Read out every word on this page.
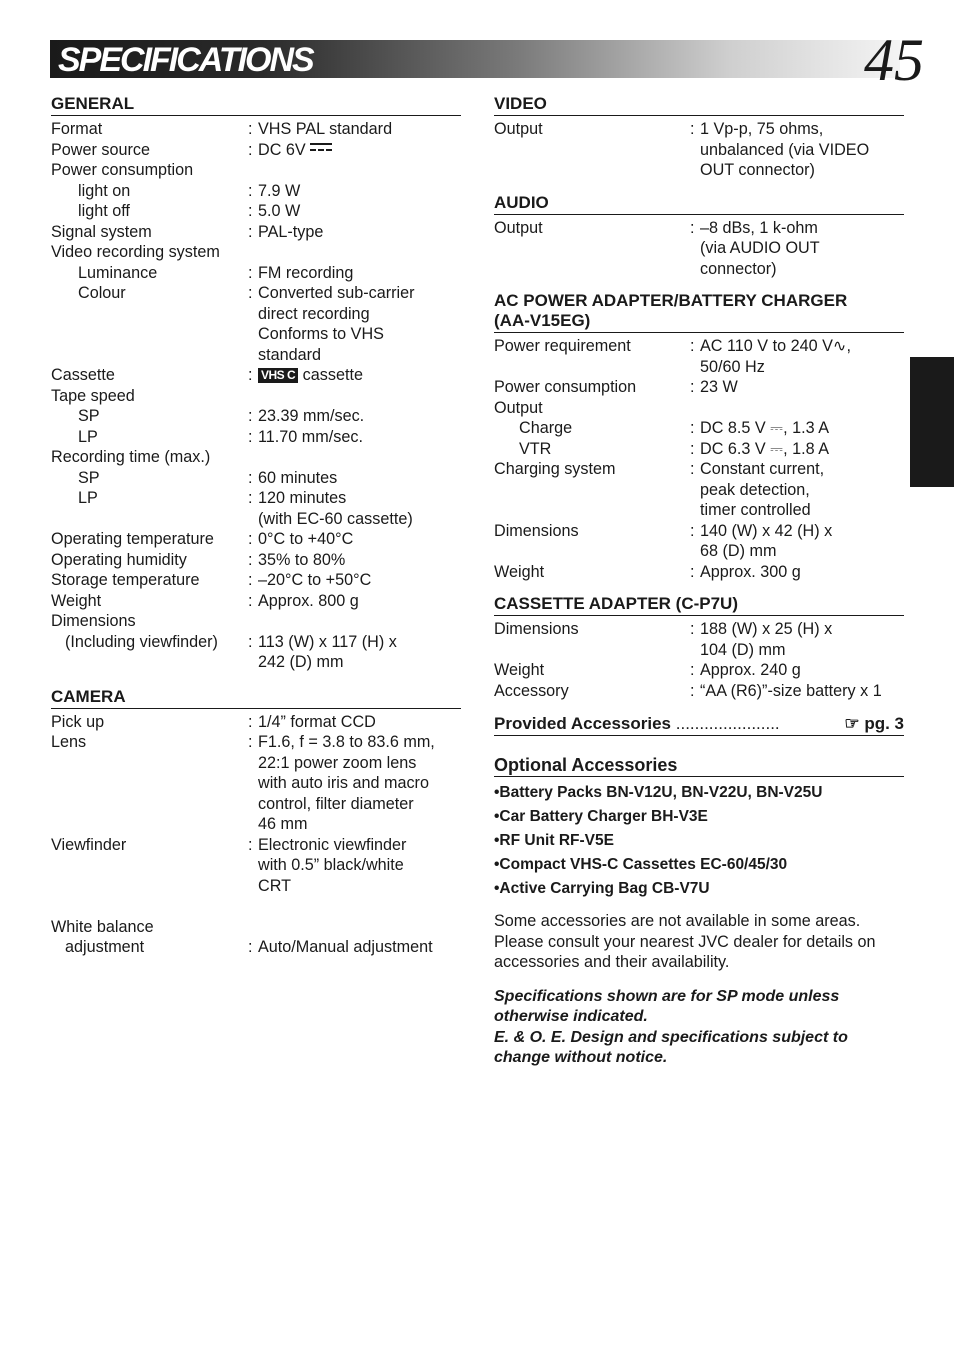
SPECIFICATIONS	45
GENERAL
Format	: VHS PAL standard
Power source	: DC 6V
Power consumption
light on	: 7.9 W
light off	: 5.0 W
Signal system	: PAL-type
Video recording system
Luminance	: FM recording
Colour	: Converted sub-carrier
direct recording
Conforms to VHS
standard
Cassette	: VHS C cassette
Tape speed
SP	: 23.39 mm/sec.
LP	: 11.70 mm/sec.
Recording time (max.)
SP	: 60 minutes
LP	: 120 minutes
(with EC-60 cassette)
Operating temperature	: 0°C to +40°C
Operating humidity	: 35% to 80%
Storage temperature	: –20°C to +50°C
Weight	: Approx. 800 g
Dimensions
(Including viewfinder)	: 113 (W) x 117 (H) x
242 (D) mm
CAMERA
Pick up	: 1/4” format CCD
Lens	: F1.6, f = 3.8 to 83.6 mm,
22:1 power zoom lens
with auto iris and macro
control, filter diameter
46 mm
Viewfinder	: Electronic viewfinder
with 0.5” black/white
CRT
White balance
adjustment	: Auto/Manual adjustment
VIDEO
Output	: 1 Vp-p, 75 ohms,
unbalanced (via VIDEO
OUT connector)
AUDIO
Output	: –8 dBs, 1 k-ohm
(via AUDIO OUT
connector)
AC POWER ADAPTER/BATTERY CHARGER
(AA-V15EG)
Power requirement	: AC 110 V to 240 V∿,
50/60 Hz
Power consumption	: 23 W
Output
Charge	: DC 8.5 V ⎓, 1.3 A
VTR	: DC 6.3 V ⎓, 1.8 A
Charging system	: Constant current,
peak detection,
timer controlled
Dimensions	: 140 (W) x 42 (H) x
68 (D) mm
Weight	: Approx. 300 g
CASSETTE ADAPTER (C-P7U)
Dimensions	: 188 (W) x 25 (H) x
104 (D) mm
Weight	: Approx. 240 g
Accessory	: “AA (R6)”-size battery x 1
Provided Accessories ......................	☞ pg. 3
Optional Accessories
•Battery Packs BN-V12U, BN-V22U, BN-V25U
•Car Battery Charger BH-V3E
•RF Unit RF-V5E
•Compact VHS-C Cassettes EC-60/45/30
•Active Carrying Bag CB-V7U
Some accessories are not available in some areas. Please consult your nearest JVC dealer for details on accessories and their availability.
Specifications shown are for SP mode unless otherwise indicated.
E. & O. E. Design and specifications subject to change without notice.
